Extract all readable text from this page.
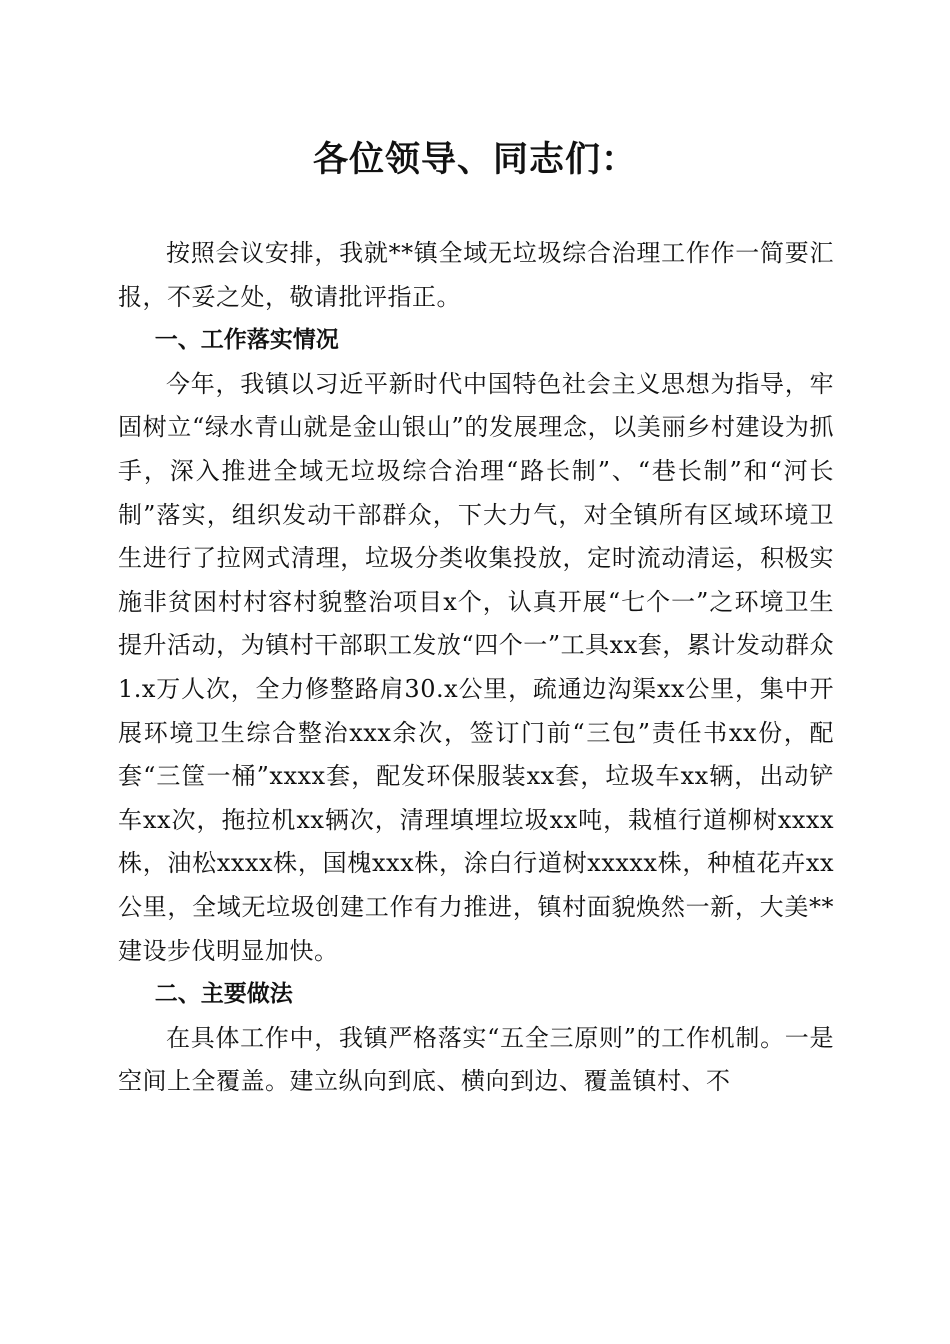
各位领导、同志们：

按照会议安排，我就**镇全域无垃圾综合治理工作作一简要汇报，不妥之处，敬请批评指正。

一、工作落实情况

今年，我镇以习近平新时代中国特色社会主义思想为指导，牢固树立“绿水青山就是金山银山”的发展理念，以美丽乡村建设为抓手，深入推进全域无垃圾综合治理“路长制”、“巷长制”和“河长制”落实，组织发动干部群众，下大力气，对全镇所有区域环境卫生进行了拉网式清理，垃圾分类收集投放，定时流动清运，积极实施非贫困村村容村貌整治项目x个，认真开展“七个一”之环境卫生提升活动，为镇村干部职工发放“四个一”工具xx套，累计发动群众1.x万人次，全力修整路肩30.x公里，疏通边沟渠xx公里，集中开展环境卫生综合整治xxx余次，签订门前“三包”责任书xx份，配套“三筐一桶”xxxx套，配发环保服装xx套，垃圾车xx辆，出动铲车xx次，拖拉机xx辆次，清理填埋垃圾xx吨，栽植行道柳树xxxx株，油松xxxx株，国槐xxx株，涂白行道树xxxxx株，种植花卉xx公里，全域无垃圾创建工作有力推进，镇村面貌焕然一新，大美**建设步伐明显加快。

二、主要做法

在具体工作中，我镇严格落实“五全三原则”的工作机制。一是空间上全覆盖。建立纵向到底、横向到边、覆盖镇村、不
